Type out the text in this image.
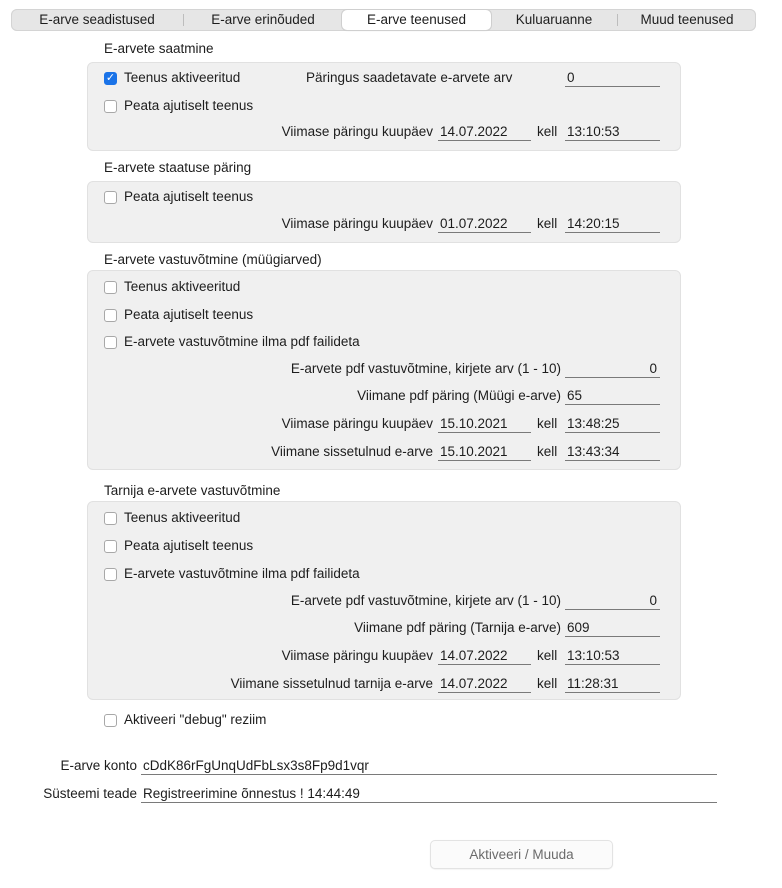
E-arve seadistused	E-arve erinõuded	E-arve teenused	Kuluaruanne	Muud teenused
E-arvete saatmine
✓ Teenus aktiveeritud	Päringus saadetavate e-arvete arv	0
Peata ajutiselt teenus
Viimase päringu kuupäev 14.07.2022	kell 13:10:53
E-arvete staatuse päring
Peata ajutiselt teenus
Viimase päringu kuupäev 01.07.2022	kell 14:20:15
E-arvete vastuvõtmine (müügiarved)
Teenus aktiveeritud
Peata ajutiselt teenus
E-arvete vastuvõtmine ilma pdf failideta
E-arvete pdf vastuvõtmine, kirjete arv (1 - 10)	0
Viimane pdf päring (Müügi e-arve) 65
Viimase päringu kuupäev 15.10.2021	kell 13:48:25
Viimane sissetulnud e-arve 15.10.2021	kell 13:43:34
Tarnija e-arvete vastuvõtmine
Teenus aktiveeritud
Peata ajutiselt teenus
E-arvete vastuvõtmine ilma pdf failideta
E-arvete pdf vastuvõtmine, kirjete arv (1 - 10)	0
Viimane pdf päring (Tarnija e-arve) 609
Viimase päringu kuupäev 14.07.2022	kell 13:10:53
Viimane sissetulnud tarnija e-arve 14.07.2022	kell 11:28:31
Aktiveeri "debug" reziim
E-arve konto cDdK86rFgUnqUdFbLsx3s8Fp9d1vqr
Süsteemi teade Registreerimine õnnestus ! 14:44:49
Aktiveeri / Muuda
